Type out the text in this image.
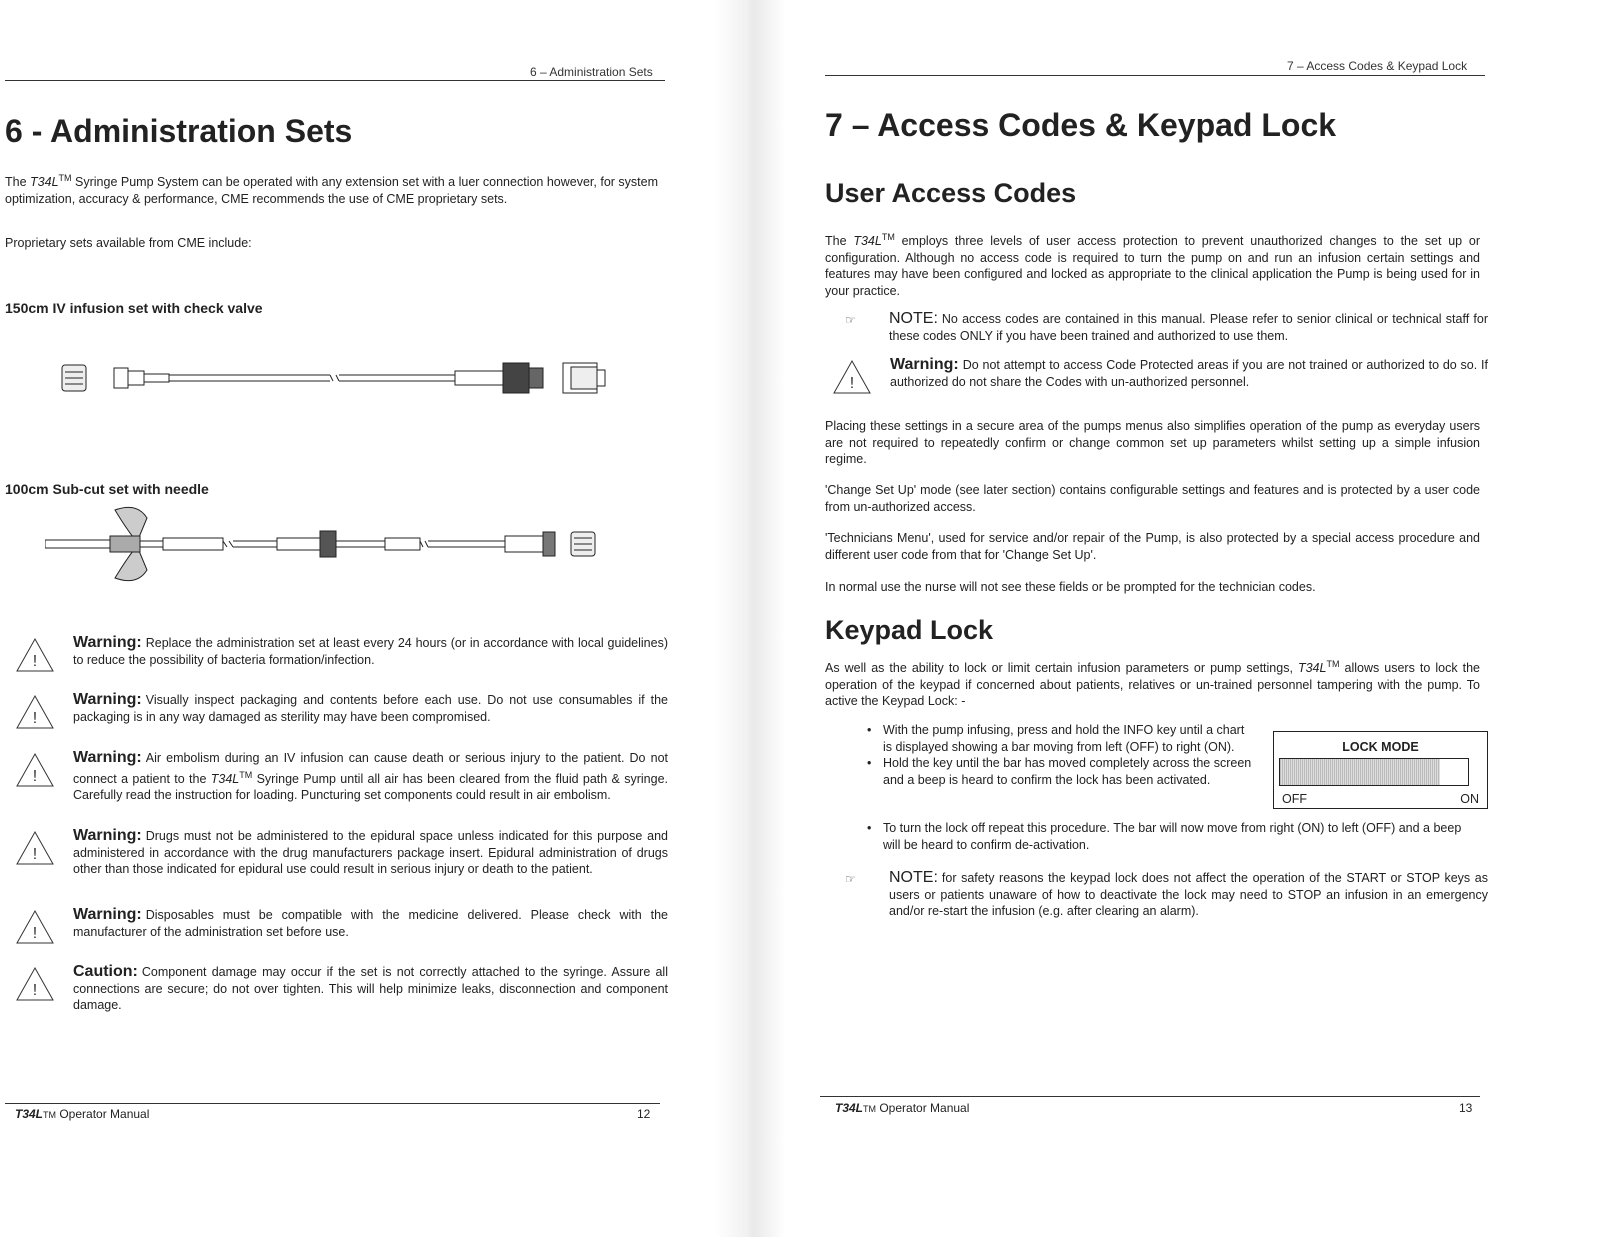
6 – Administration Sets
6 - Administration Sets

The T34L™ Syringe Pump System can be operated with any extension set with a luer connection however, for system optimization, accuracy & performance, CME recommends the use of CME proprietary sets.

Proprietary sets available from CME include:

150cm IV infusion set with check valve
100cm Sub-cut set with needle
!
Warning: Replace the administration set at least every 24 hours (or in accordance with local guidelines) to reduce the possibility of bacteria formation/infection.
!
Warning: Visually inspect packaging and contents before each use. Do not use consumables if the packaging is in any way damaged as sterility may have been compromised.
!
Warning: Air embolism during an IV infusion can cause death or serious injury to the patient. Do not connect a patient to the T34L™ Syringe Pump until all air has been cleared from the fluid path & syringe. Carefully read the instruction for loading. Puncturing set components could result in air embolism.
!
Warning: Drugs must not be administered to the epidural space unless indicated for this purpose and administered in accordance with the drug manufacturers package insert. Epidural administration of drugs other than those indicated for epidural use could result in serious injury or death to the patient.
!
Warning: Disposables must be compatible with the medicine delivered. Please check with the manufacturer of the administration set before use.
!
Caution: Component damage may occur if the set is not correctly attached to the syringe. Assure all connections are secure; do not over tighten. This will help minimize leaks, disconnection and component damage.
T34LTM Operator Manual	12
7 – Access Codes & Keypad Lock
7 – Access Codes & Keypad Lock
User Access Codes

The T34L™ employs three levels of user access protection to prevent unauthorized changes to the set up or configuration. Although no access code is required to turn the pump on and run an infusion certain settings and features may have been configured and locked as appropriate to the clinical application the Pump is being used for in your practice.

☞ NOTE: No access codes are contained in this manual. Please refer to senior clinical or technical staff for these codes ONLY if you have been trained and authorized to use them.
!
Warning: Do not attempt to access Code Protected areas if you are not trained or authorized to do so. If authorized do not share the Codes with un-authorized personnel.

Placing these settings in a secure area of the pumps menus also simplifies operation of the pump as everyday users are not required to repeatedly confirm or change common set up parameters whilst setting up a simple infusion regime.

'Change Set Up' mode (see later section) contains configurable settings and features and is protected by a user code from un-authorized access.

'Technicians Menu', used for service and/or repair of the Pump, is also protected by a special access procedure and different user code from that for 'Change Set Up'.

In normal use the nurse will not see these fields or be prompted for the technician codes.

Keypad Lock

As well as the ability to lock or limit certain infusion parameters or pump settings, T34L™ allows users to lock the operation of the keypad if concerned about patients, relatives or un-trained personnel tampering with the pump. To active the Keypad Lock: -

• With the pump infusing, press and hold the INFO key until a chart is displayed showing a bar moving from left (OFF) to right (ON).
• Hold the key until the bar has moved completely across the screen and a beep is heard to confirm the lock has been activated.
• To turn the lock off repeat this procedure. The bar will now move from right (ON) to left (OFF) and a beep will be heard to confirm de-activation.
LOCK MODE
OFF	ON
☞ NOTE: for safety reasons the keypad lock does not affect the operation of the START or STOP keys as users or patients unaware of how to deactivate the lock may need to STOP an infusion in an emergency and/or re-start the infusion (e.g. after clearing an alarm).
T34LTM Operator Manual	13
